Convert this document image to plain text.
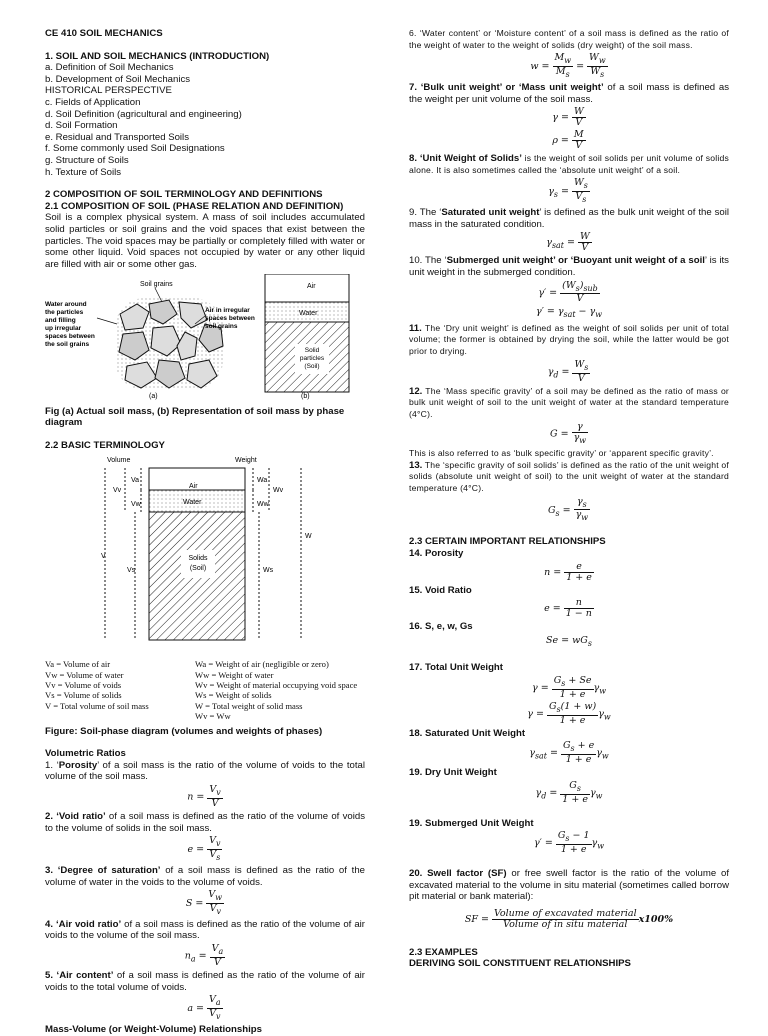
CE 410 SOIL MECHANICS
1. SOIL AND SOIL MECHANICS (INTRODUCTION)
a. Definition of Soil Mechanics
b. Development of Soil Mechanics
HISTORICAL PERSPECTIVE
c. Fields of Application
d. Soil Definition (agricultural and engineering)
d. Soil Formation
e. Residual and Transported Soils
f. Some commonly used Soil Designations
g. Structure of Soils
h. Texture of Soils
2 COMPOSITION OF SOIL TERMINOLOGY AND DEFINITIONS
2.1 COMPOSITION OF SOIL (PHASE RELATION AND DEFINITION)
Soil is a complex physical system. A mass of soil includes accumulated solid particles or soil grains and the void spaces that exist between the particles. The void spaces may be partially or completely filled with water or some other liquid. Void spaces not occupied by water or any other liquid are filled with air or some other gas.
Soil grains
Water around
the particles
and filling
up irregular
spaces between
the soil grains
Air in irregular
spaces between
soil grains
(a)
Air
Water
Solid
particles
(Soil)
(b)
Fig (a) Actual soil mass, (b) Representation of soil mass by phase diagram
2.2 BASIC TERMINOLOGY
Volume	Weight
Air
Water
Solids
(Soil)
Va
Vv
Vw
V
Vs
Wa
Wv
Ww
W
Ws
Va = Volume of air	Wa = Weight of air (negligible or zero)
Vw = Volume of water	Ww = Weight of water
Vv = Volume of voids	Wv = Weight of material occupying void space
Vs = Volume of solids	Ws = Weight of solids
V = Total volume of soil mass	W = Total weight of solid mass
Wv = Ww
Figure: Soil-phase diagram (volumes and weights of phases)
Volumetric Ratios
1. ‘Porosity’ of a soil mass is the ratio of the volume of voids to the total volume of the soil mass.
$n = \frac{V_v}{V}$
2. ‘Void ratio’ of a soil mass is defined as the ratio of the volume of voids to the volume of solids in the soil mass.
$e = \frac{V_v}{V_s}$
3. ‘Degree of saturation’ of a soil mass is defined as the ratio of the volume of water in the voids to the volume of voids.
$S = \frac{V_w}{V_v}$
4. ‘Air void ratio’ of a soil mass is defined as the ratio of the volume of air voids to the volume of the soil mass.
$n_a = \frac{V_a}{V}$
5. ‘Air content’ of a soil mass is defined as the ratio of the volume of air voids to the total volume of voids.
$a = \frac{V_a}{V_v}$
Mass-Volume (or Weight-Volume) Relationships
6. ‘Water content’ or ‘Moisture content’ of a soil mass is defined as the ratio of the weight of water to the weight of solids (dry weight) of the soil mass.
$w = \frac{M_w}{M_s} = \frac{W_w}{W_s}$
7. ‘Bulk unit weight’ or ‘Mass unit weight’ of a soil mass is defined as the weight per unit volume of the soil mass.
$\gamma = \frac{W}{V}$
$\rho = \frac{M}{V}$
8. ‘Unit Weight of Solids’ is the weight of soil solids per unit volume of solids alone. It is also sometimes called the ‘absolute unit weight’ of a soil.
$\gamma_s = \frac{W_s}{V_s}$
9. The ‘Saturated unit weight’ is defined as the bulk unit weight of the soil mass in the saturated condition.
$\gamma_{sat} = \frac{W}{V}$
10. The ‘Submerged unit weight’ or ‘Buoyant unit weight of a soil’ is its unit weight in the submerged condition.
$\gamma' = \frac{(W_s)_{sub}}{V}$
$\gamma' = \gamma_{sat} - \gamma_w$
11. The ‘Dry unit weight’ is defined as the weight of soil solids per unit of total volume; the former is obtained by drying the soil, while the latter would be got prior to drying.
$\gamma_d = \frac{W_s}{V}$
12. The ‘Mass specific gravity’ of a soil may be defined as the ratio of mass or bulk unit weight of soil to the unit weight of water at the standard temperature (4°C).
$G = \frac{\gamma}{\gamma_w}$
This is also referred to as ‘bulk specific gravity’ or ‘apparent specific gravity’.
13. The ‘specific gravity of soil solids’ is defined as the ratio of the unit weight of solids (absolute unit weight of soil) to the unit weight of water at the standard temperature (4°C).
$G_s = \frac{\gamma_s}{\gamma_w}$
2.3 CERTAIN IMPORTANT RELATIONSHIPS
14. Porosity
$n = \frac{e}{1 + e}$
15. Void Ratio
$e = \frac{n}{1 - n}$
16. S, e, w, Gs
$Se = wG_s$
17. Total Unit Weight
$\gamma = \frac{G_s + Se}{1 + e} \gamma_w$
$\gamma = \frac{G_s(1 + w)}{1 + e} \gamma_w$
18. Saturated Unit Weight
$\gamma_{sat} = \frac{G_s + e}{1 + e} \gamma_w$
19. Dry Unit Weight
$\gamma_d = \frac{G_s}{1 + e} \gamma_w$
19. Submerged Unit Weight
$\gamma' = \frac{G_s - 1}{1 + e} \gamma_w$
20. Swell factor (SF) or free swell factor is the ratio of the volume of excavated material to the volume in situ material (sometimes called borrow pit material or bank material):
SF = $\frac{\text{Volume of excavated material}}{\text{Volume of in situ material}} x100\%$
2.3 EXAMPLES
DERIVING SOIL CONSTITUENT RELATIONSHIPS
